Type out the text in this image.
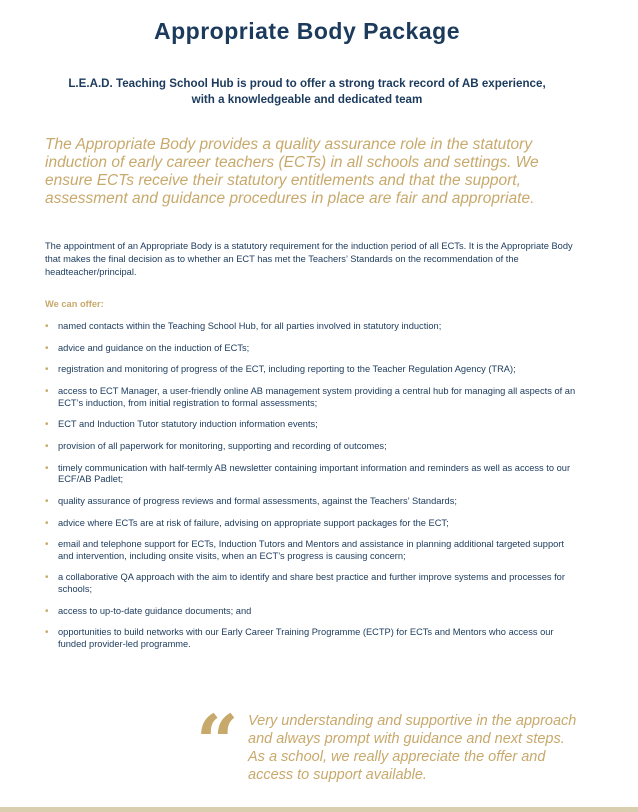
Appropriate Body Package
L.E.A.D. Teaching School Hub is proud to offer a strong track record of AB experience,
with a knowledgeable and dedicated team
The Appropriate Body provides a quality assurance role in the statutory induction of early career teachers (ECTs) in all schools and settings. We ensure ECTs receive their statutory entitlements and that the support, assessment and guidance procedures in place are fair and appropriate.
The appointment of an Appropriate Body is a statutory requirement for the induction period of all ECTs. It is the Appropriate Body that makes the final decision as to whether an ECT has met the Teachers’ Standards on the recommendation of the headteacher/principal.
We can offer:
• named contacts within the Teaching School Hub, for all parties involved in statutory induction;
• advice and guidance on the induction of ECTs;
• registration and monitoring of progress of the ECT, including reporting to the Teacher Regulation Agency (TRA);
• access to ECT Manager, a user-friendly online AB management system providing a central hub for managing all aspects of an ECT’s induction, from initial registration to formal assessments;
• ECT and Induction Tutor statutory induction information events;
• provision of all paperwork for monitoring, supporting and recording of outcomes;
• timely communication with half-termly AB newsletter containing important information and reminders as well as access to our ECF/AB Padlet;
• quality assurance of progress reviews and formal assessments, against the Teachers’ Standards;
• advice where ECTs are at risk of failure, advising on appropriate support packages for the ECT;
• email and telephone support for ECTs, Induction Tutors and Mentors and assistance in planning additional targeted support and intervention, including onsite visits, when an ECT’s progress is causing concern;
• a collaborative QA approach with the aim to identify and share best practice and further improve systems and processes for schools;
• access to up-to-date guidance documents; and
• opportunities to build networks with our Early Career Training Programme (ECTP) for ECTs and Mentors who access our funded provider-led programme.
“ Very understanding and supportive in the approach and always prompt with guidance and next steps. As a school, we really appreciate the offer and access to support available.
